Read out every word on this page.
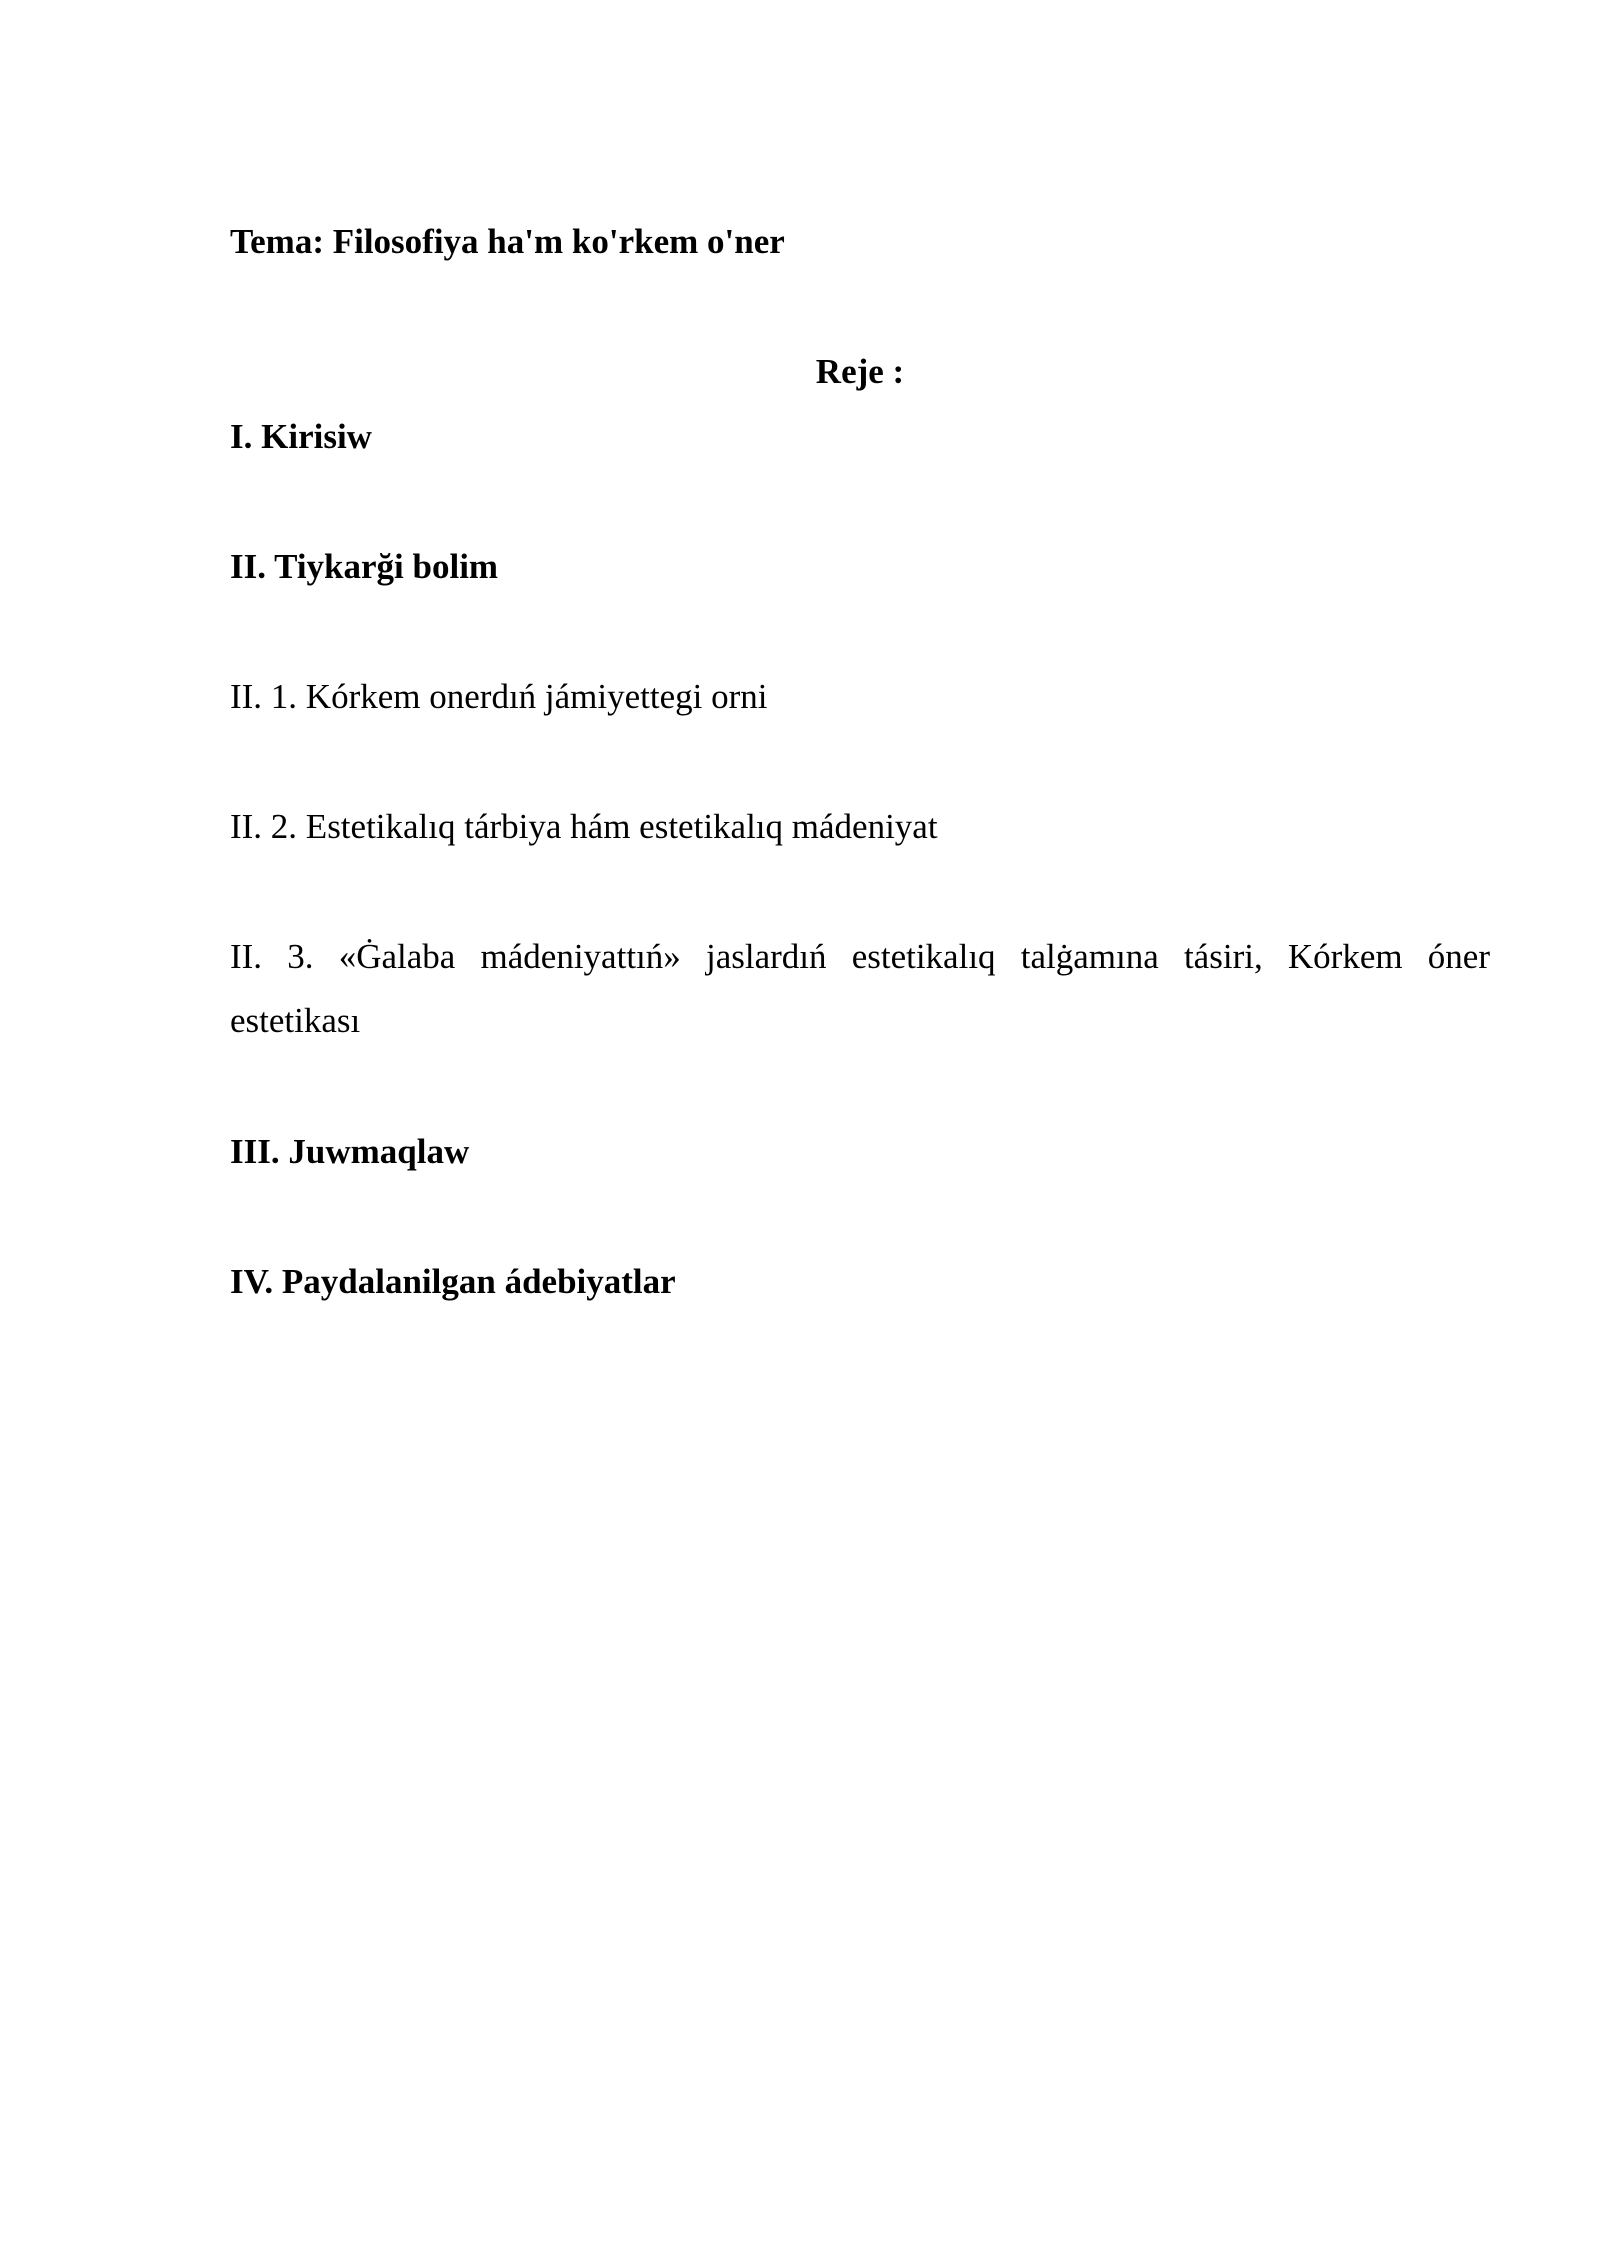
Tema: Filosofiya ha'm ko'rkem o'ner

Reje :

I. Kirisiw

II. Tiykarği bolim

II. 1. Kórkem onerdıń jámiyettegi orni

II. 2. Estetikalıq tárbiya hám estetikalıq mádeniyat

II. 3. «Ġalaba mádeniyattıń» jaslardıń estetikalıq talġamına tásiri, Kórkem óner
estetikası

III. Juwmaqlaw

IV. Paydalanilgan ádebiyatlar
